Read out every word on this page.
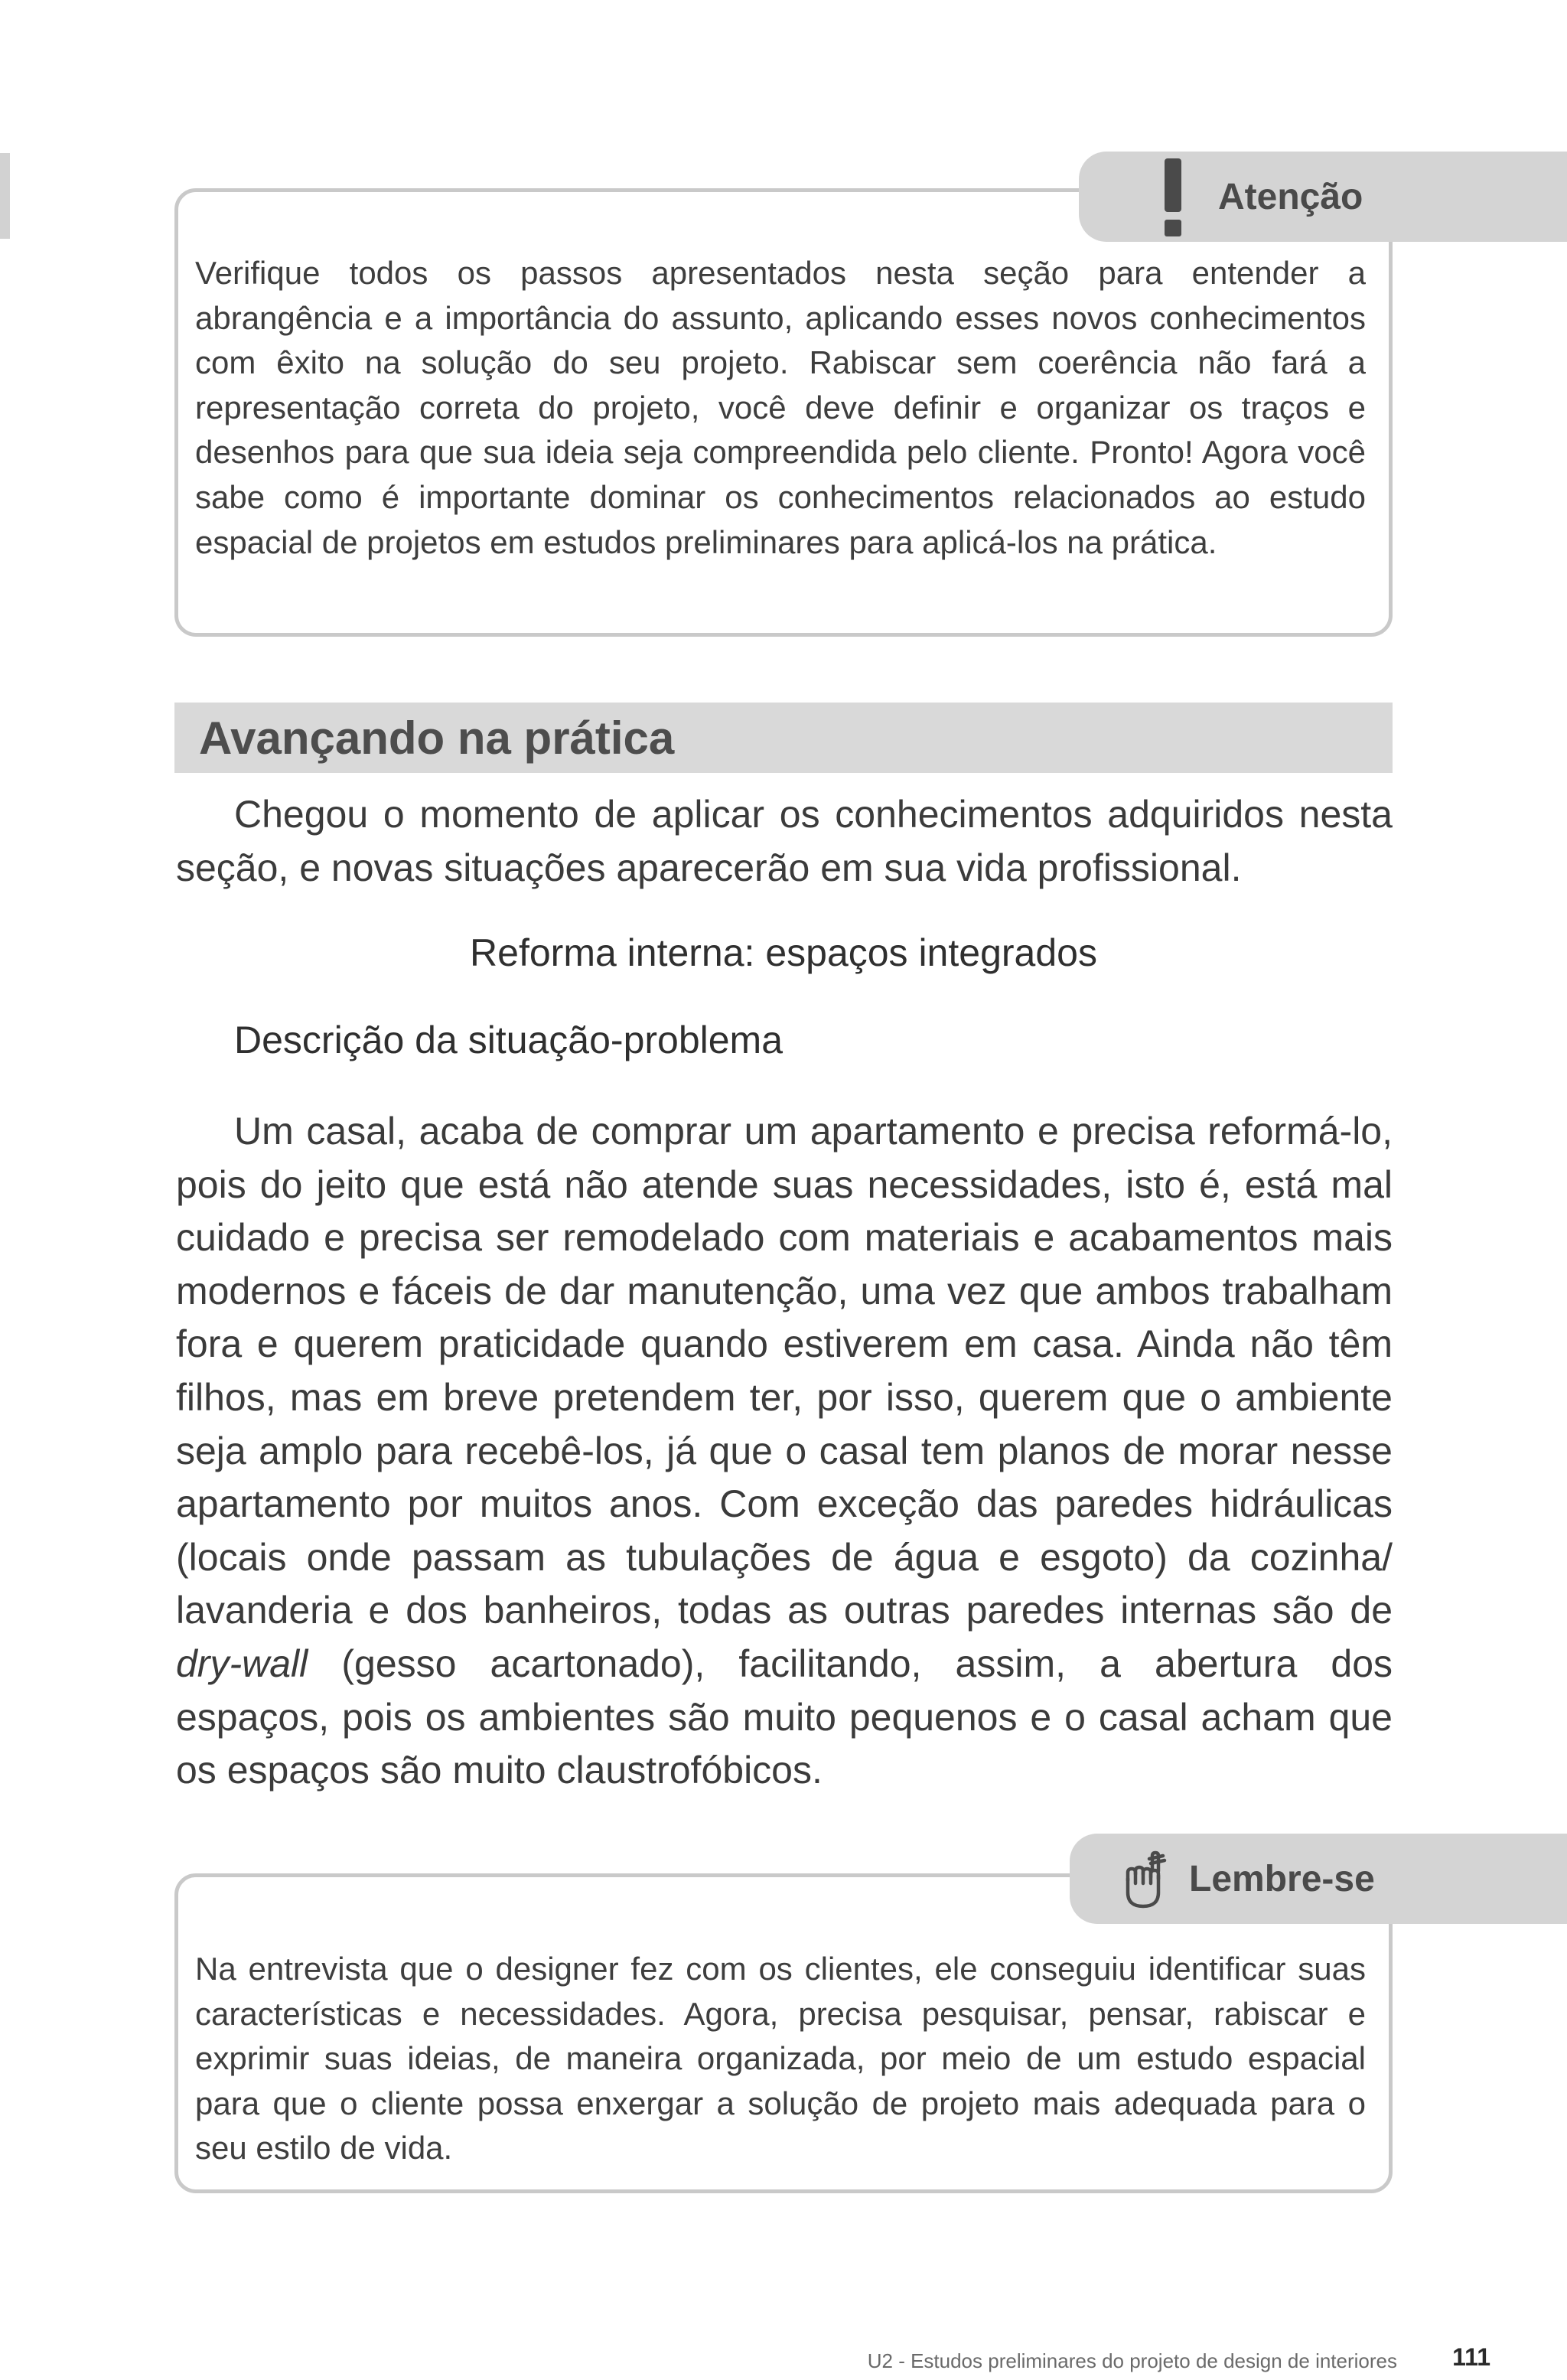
Atenção

Verifique todos os passos apresentados nesta seção para entender a abrangência e a importância do assunto, aplicando esses novos conhecimentos com êxito na solução do seu projeto. Rabiscar sem coerência não fará a representação correta do projeto, você deve definir e organizar os traços e desenhos para que sua ideia seja compreendida pelo cliente. Pronto! Agora você sabe como é importante dominar os conhecimentos relacionados ao estudo espacial de projetos em estudos preliminares para aplicá-los na prática.

Avançando na prática

Chegou o momento de aplicar os conhecimentos adquiridos nesta seção, e novas situações aparecerão em sua vida profissional.

Reforma interna: espaços integrados
Descrição da situação-problema

Um casal, acaba de comprar um apartamento e precisa reformá-lo, pois do jeito que está não atende suas necessidades, isto é, está mal cuidado e precisa ser remodelado com materiais e acabamentos mais modernos e fáceis de dar manutenção, uma vez que ambos trabalham fora e querem praticidade quando estiverem em casa. Ainda não têm filhos, mas em breve pretendem ter, por isso, querem que o ambiente seja amplo para recebê-los, já que o casal tem planos de morar nesse apartamento por muitos anos. Com exceção das paredes hidráulicas (locais onde passam as tubulações de água e esgoto) da cozinha/ lavanderia e dos banheiros, todas as outras paredes internas são de dry-wall (gesso acartonado), facilitando, assim, a abertura dos espaços, pois os ambientes são muito pequenos e o casal acham que os espaços são muito claustrofóbicos.

Lembre-se

Na entrevista que o designer fez com os clientes, ele conseguiu identificar suas características e necessidades. Agora, precisa pesquisar, pensar, rabiscar e exprimir suas ideias, de maneira organizada, por meio de um estudo espacial para que o cliente possa enxergar a solução de projeto mais adequada para o seu estilo de vida.

U2 - Estudos preliminares do projeto de design de interiores 111
